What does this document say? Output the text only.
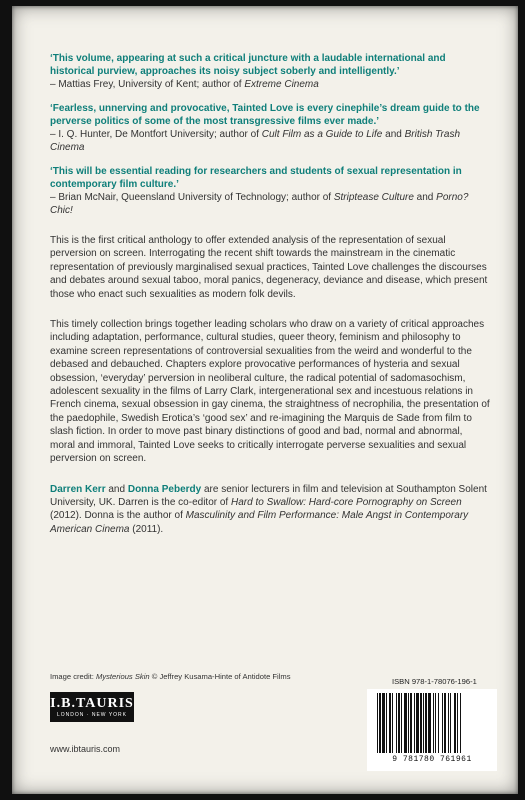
‘This volume, appearing at such a critical juncture with a laudable international and historical purview, approaches its noisy subject soberly and intelligently.’
– Mattias Frey, University of Kent; author of Extreme Cinema
‘Fearless, unnerving and provocative, Tainted Love is every cinephile’s dream guide to the perverse politics of some of the most transgressive films ever made.’
– I. Q. Hunter, De Montfort University; author of Cult Film as a Guide to Life and British Trash Cinema
‘This will be essential reading for researchers and students of sexual representation in contemporary film culture.’
– Brian McNair, Queensland University of Technology; author of Striptease Culture and Porno? Chic!

This is the first critical anthology to offer extended analysis of the representation of sexual perversion on screen. Interrogating the recent shift towards the mainstream in the cinematic representation of previously marginalised sexual practices, Tainted Love challenges the discourses and debates around sexual taboo, moral panics, degeneracy, deviance and disease, which present those who enact such sexualities as modern folk devils.

This timely collection brings together leading scholars who draw on a variety of critical approaches including adaptation, performance, cultural studies, queer theory, feminism and philosophy to examine screen representations of controversial sexualities from the weird and wonderful to the debased and debauched. Chapters explore provocative performances of hysteria and sexual obsession, ‘everyday’ perversion in neoliberal culture, the radical potential of sadomasochism, adolescent sexuality in the films of Larry Clark, intergenerational sex and incestuous relations in French cinema, sexual obsession in gay cinema, the straightness of necrophilia, the presentation of the paedophile, Swedish Erotica’s ‘good sex’ and re-imagining the Marquis de Sade from film to slash fiction. In order to move past binary distinctions of good and bad, normal and abnormal, moral and immoral, Tainted Love seeks to critically interrogate perverse sexualities and sexual perversion on screen.

Darren Kerr and Donna Peberdy are senior lecturers in film and television at Southampton Solent University, UK. Darren is the co-editor of Hard to Swallow: Hard-core Pornography on Screen (2012). Donna is the author of Masculinity and Film Performance: Male Angst in Contemporary American Cinema (2011).

Image credit: Mysterious Skin © Jeffrey Kusama-Hinte of Antidote Films
I.B.TAURIS
LONDON · NEW YORK
www.ibtauris.com
ISBN 978-1-78076-196-1
9 781780 761961
